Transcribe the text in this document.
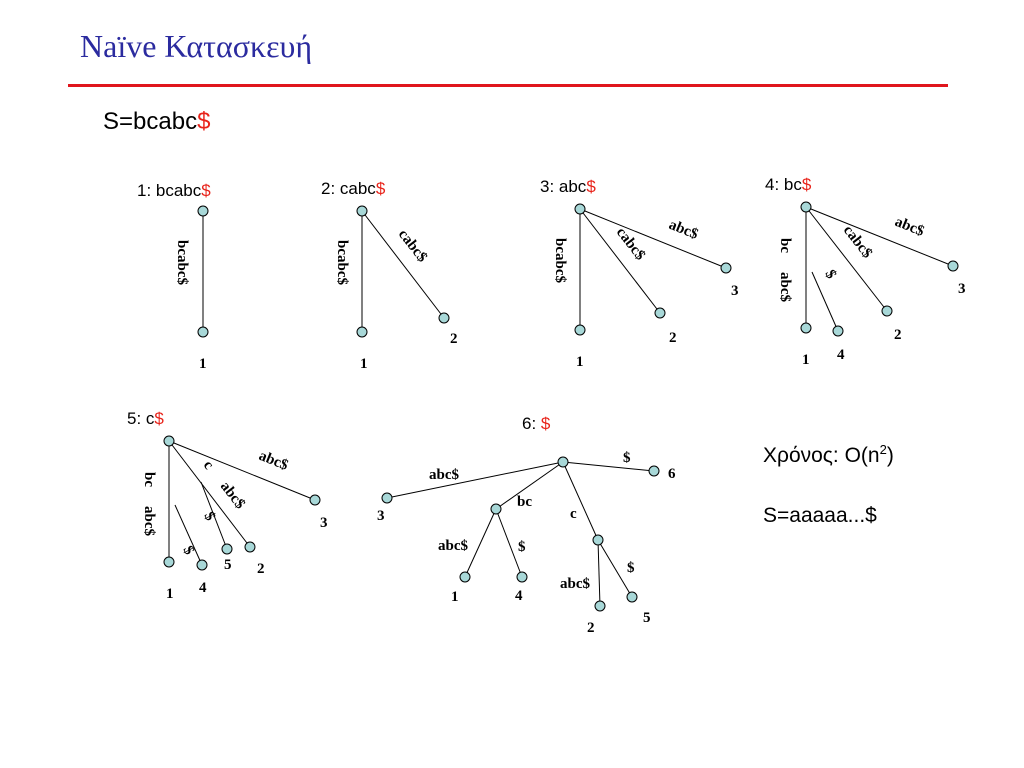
Naïve Κατασκευή
S=bcabc$
1: bcabc$	2: cabc$	3: abc$	4: bc$
5: c$	6: $
Χρόνος: $O(n^2)$
S=aaaaa...$
bcabc$
1
bcabc$	cabc$
1
2
bcabc$	cabc$ abc$
1
2
3
bc
abc$ $
cabc$ abc$
1 4
2
3
bc
abc$
$
c
abc$
$
abc$
1 4
5 2
3
abc$
$
bc
abc$	$
c
abc$
$
3
6
1	4
2
5
